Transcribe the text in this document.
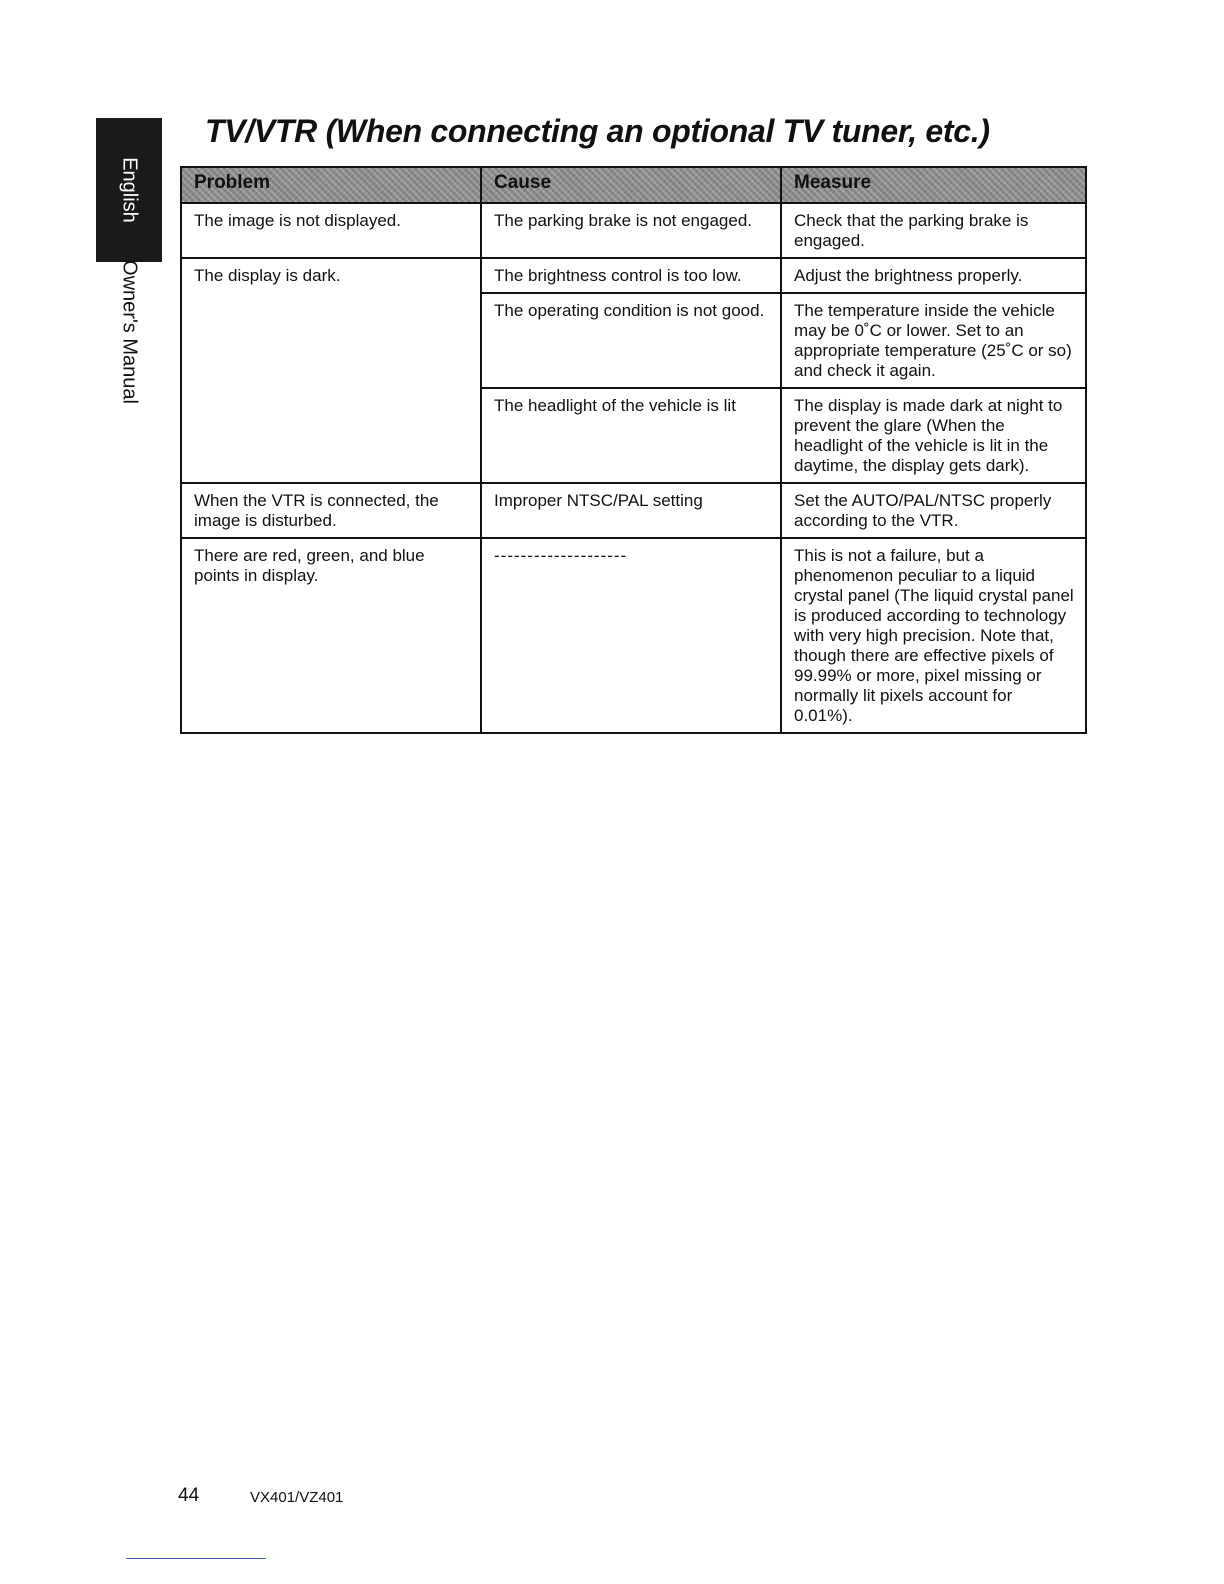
English
Owner's Manual
TV/VTR (When connecting an optional TV tuner, etc.)
Problem	Cause	Measure
The image is not displayed.	The parking brake is not engaged.	Check that the parking brake is engaged.
The display is dark.	The brightness control is too low.	Adjust the brightness properly.
	The operating condition is not good.	The temperature inside the vehicle may be 0˚C or lower. Set to an appropriate temperature (25˚C or so) and check it again.
	The headlight of the vehicle is lit	The display is made dark at night to prevent the glare (When the headlight of the vehicle is lit in the daytime, the display gets dark).
When the VTR is connected, the image is disturbed.	Improper NTSC/PAL setting	Set the AUTO/PAL/NTSC properly according to the VTR.
There are red, green, and blue points in display.	--------------------	This is not a failure, but a phenomenon peculiar to a liquid crystal panel (The liquid crystal panel is produced according to technology with very high precision. Note that, though there are effective pixels of 99.99% or more, pixel missing or normally lit pixels account for 0.01%).
44	VX401/VZ401
